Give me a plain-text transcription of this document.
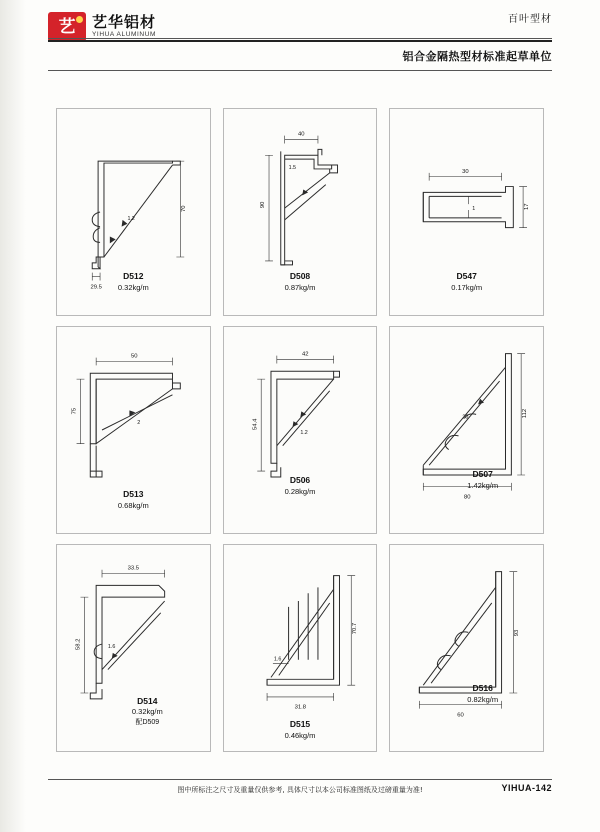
艺 艺华铝材
YIHUA ALUMINUM
百叶型材
铝合金隔热型材标准起草单位
29.5
70
1.2
D512
0.32kg/m
40
1.5
90
D508
0.87kg/m
30
1	17
D547
0.17kg/m
50
75
2
D513
0.68kg/m
42
54.4
1.2
D506
0.28kg/m
112
80
20
D507
1.42kg/m
33.5
58.2	1.6
D514
0.32kg/m
配D509
70.7
31.8
1.6
D515
0.46kg/m
93
60
D516
0.82kg/m
图中所标注之尺寸及重量仅供参考, 具体尺寸以本公司标准图纸及过磅重量为准!	YIHUA-142
